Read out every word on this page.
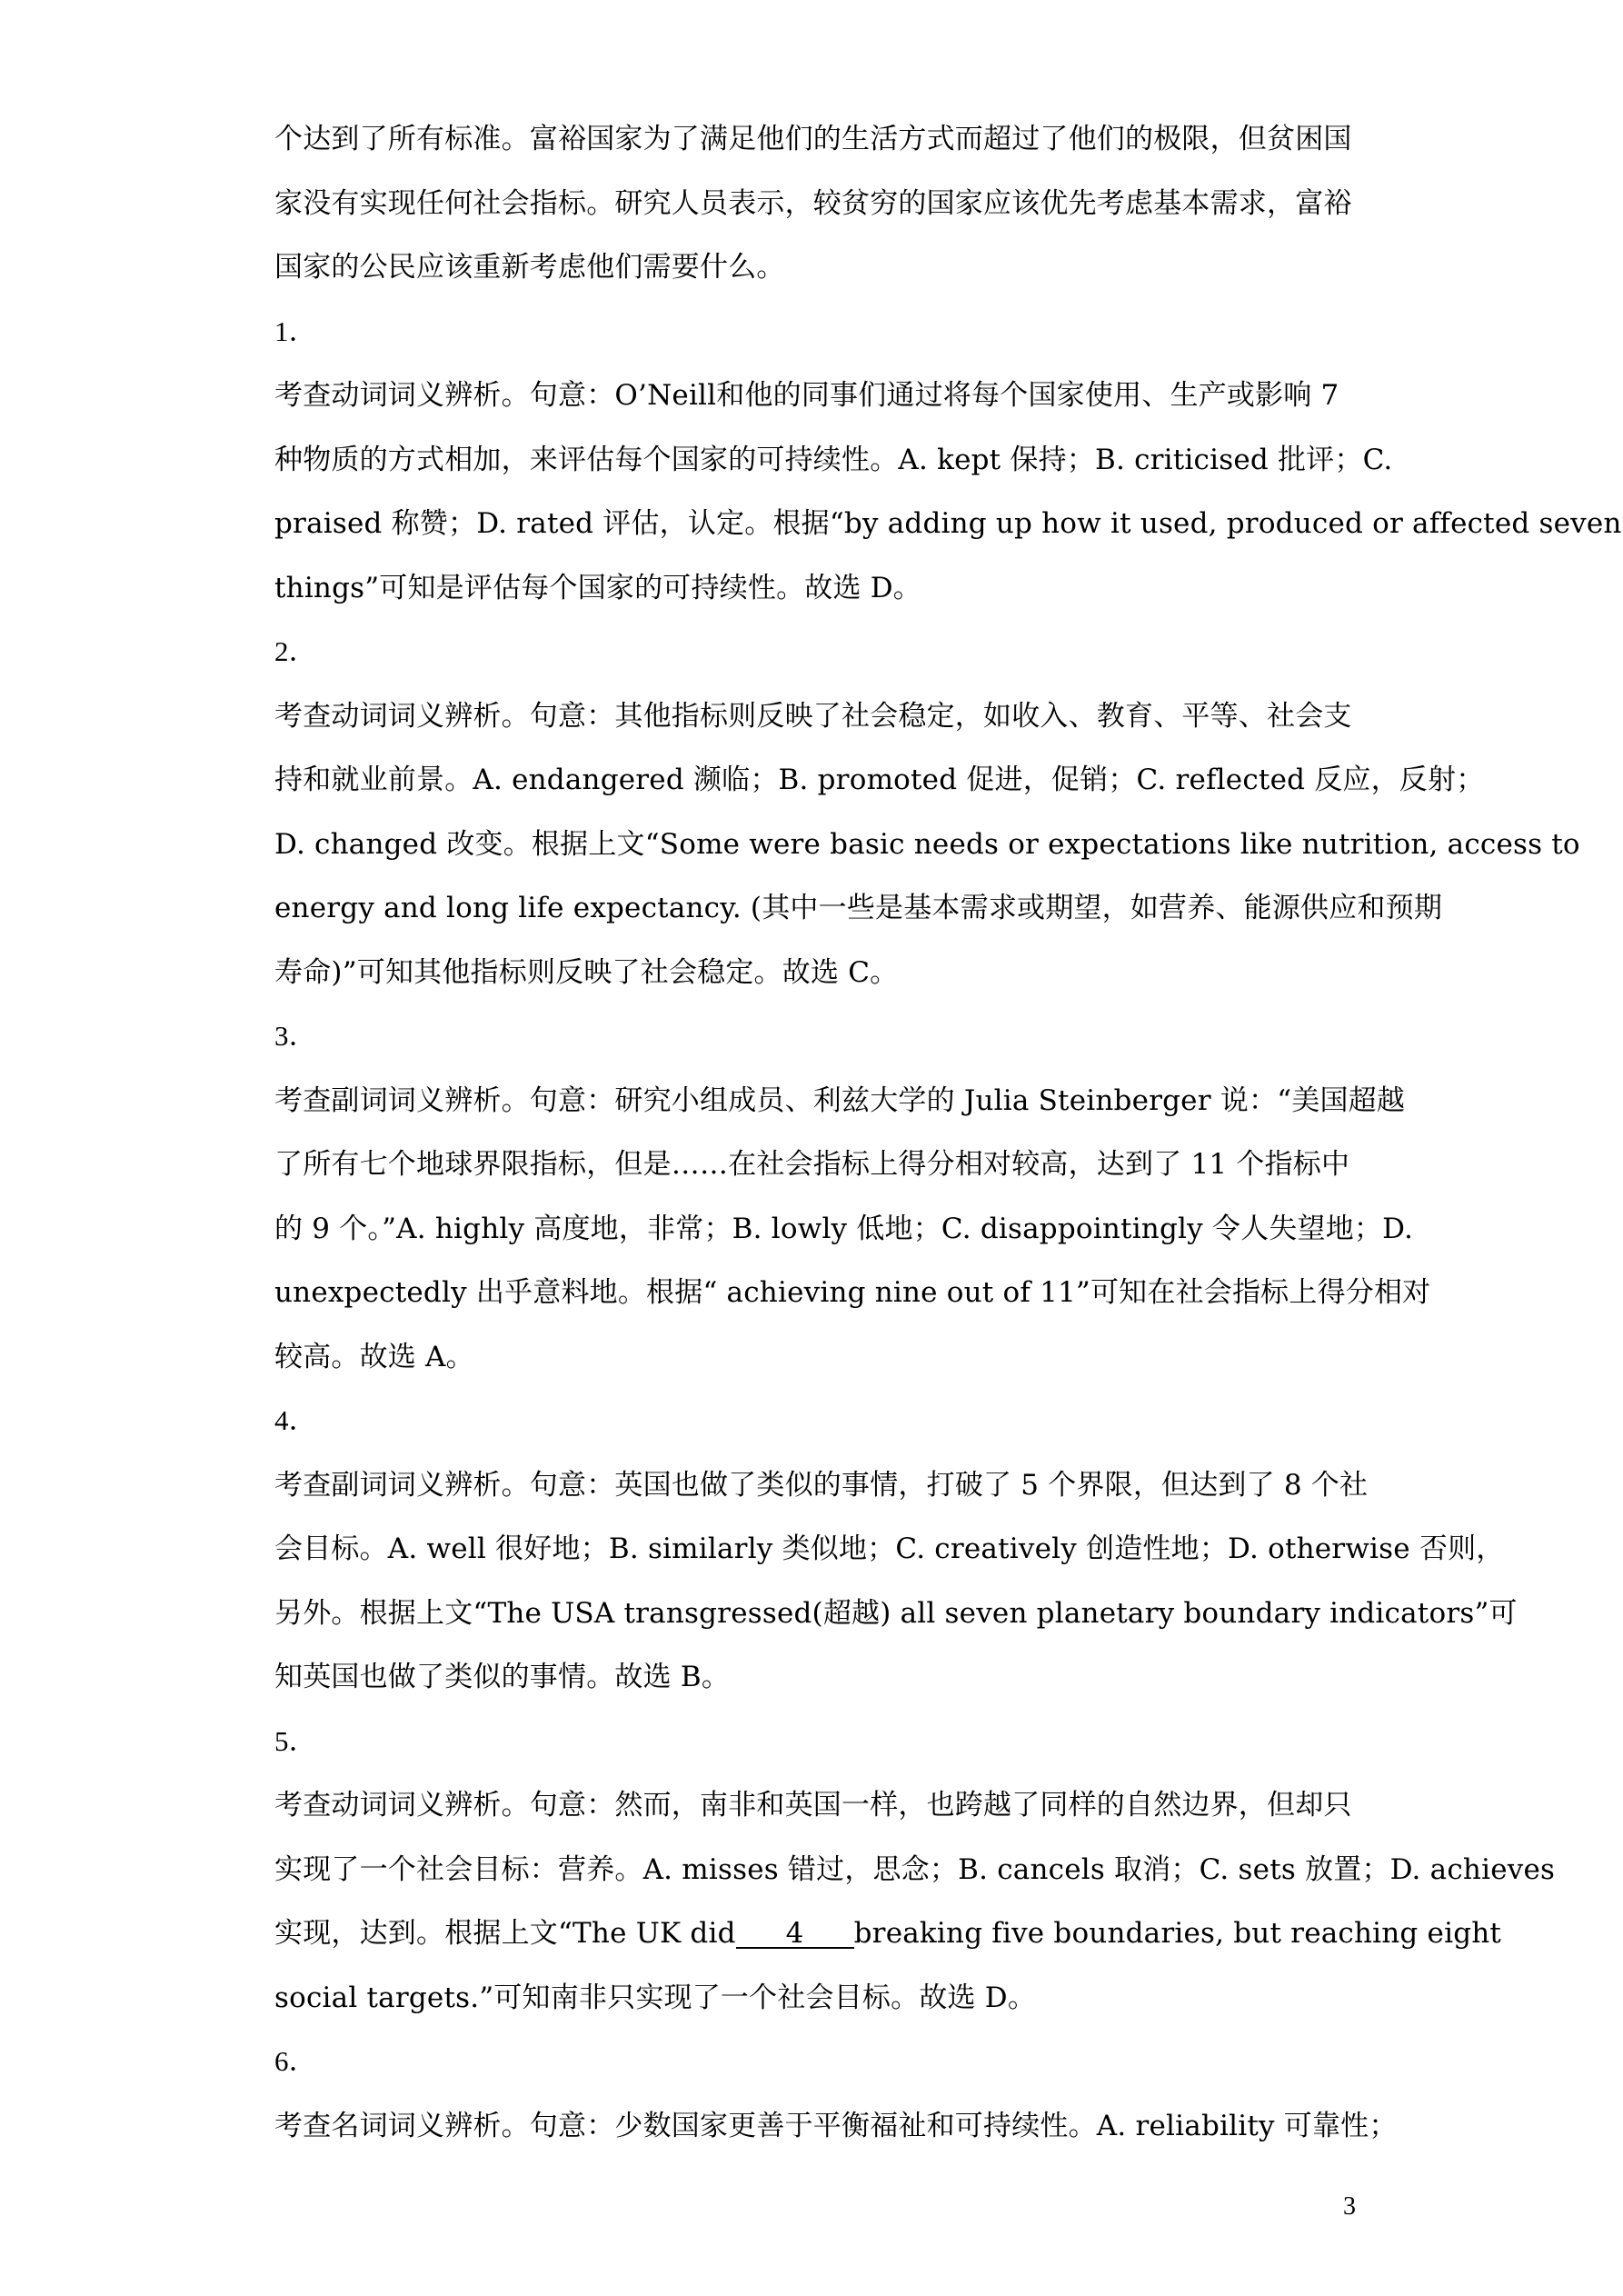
个达到了所有标准。富裕国家为了满足他们的生活方式而超过了他们的极限，但贫困国
家没有实现任何社会指标。研究人员表示，较贫穷的国家应该优先考虑基本需求，富裕
国家的公民应该重新考虑他们需要什么。
1．
考查动词词义辨析。句意：O’Neill和他的同事们通过将每个国家使用、生产或影响 7
种物质的方式相加，来评估每个国家的可持续性。A. kept 保持；B. criticised 批评；C.
praised 称赞；D. rated 评估，认定。根据“by adding up how it used, produced or affected seven
things”可知是评估每个国家的可持续性。故选 D。
2．
考查动词词义辨析。句意：其他指标则反映了社会稳定，如收入、教育、平等、社会支
持和就业前景。A. endangered 濒临；B. promoted 促进，促销；C. reflected 反应，反射；
D. changed 改变。根据上文“Some were basic needs or expectations like nutrition, access to
energy and long life expectancy. (其中一些是基本需求或期望，如营养、能源供应和预期
寿命)”可知其他指标则反映了社会稳定。故选 C。
3．
考查副词词义辨析。句意：研究小组成员、利兹大学的 Julia Steinberger 说：“美国超越
了所有七个地球界限指标，但是……在社会指标上得分相对较高，达到了 11 个指标中
的 9 个。”A. highly 高度地，非常；B. lowly 低地；C. disappointingly 令人失望地；D.
unexpectedly 出乎意料地。根据“ achieving nine out of 11”可知在社会指标上得分相对
较高。故选 A。
4．
考查副词词义辨析。句意：英国也做了类似的事情，打破了 5 个界限，但达到了 8 个社
会目标。A. well 很好地；B. similarly 类似地；C. creatively 创造性地；D. otherwise 否则，
另外。根据上文“The USA transgressed(超越) all seven planetary boundary indicators”可
知英国也做了类似的事情。故选 B。
5．
考查动词词义辨析。句意：然而，南非和英国一样，也跨越了同样的自然边界，但却只
实现了一个社会目标：营养。A. misses 错过，思念；B. cancels 取消；C. sets 放置；D. achieves
实现，达到。根据上文“The UK did 4 breaking five boundaries, but reaching eight
social targets.”可知南非只实现了一个社会目标。故选 D。
6．
考查名词词义辨析。句意：少数国家更善于平衡福祉和可持续性。A. reliability 可靠性；
3
